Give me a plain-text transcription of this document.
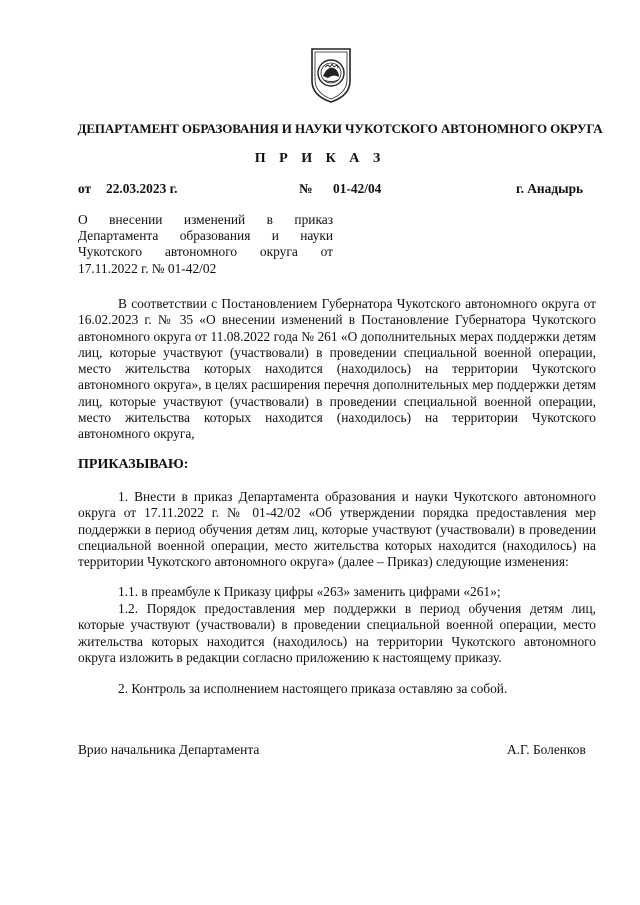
ДЕПАРТАМЕНТ ОБРАЗОВАНИЯ И НАУКИ ЧУКОТСКОГО АВТОНОМНОГО ОКРУГА
П Р И К А З
от 22.03.2023 г.	№ 01-42/04	г. Анадырь
О внесении изменений в приказ Департамента образования и науки Чукотского автономного округа от 17.11.2022 г. № 01-42/02
В соответствии с Постановлением Губернатора Чукотского автономного округа от 16.02.2023 г. № 35 «О внесении изменений в Постановление Губернатора Чукотского автономного округа от 11.08.2022 года № 261 «О дополнительных мерах поддержки детям лиц, которые участвуют (участвовали) в проведении специальной военной операции, место жительства которых находится (находилось) на территории Чукотского автономного округа», в целях расширения перечня дополнительных мер поддержки детям лиц, которые участвуют (участвовали) в проведении специальной военной операции, место жительства которых находится (находилось) на территории Чукотского автономного округа,
ПРИКАЗЫВАЮ:
1. Внести в приказ Департамента образования и науки Чукотского автономного округа от 17.11.2022 г. № 01-42/02 «Об утверждении порядка предоставления мер поддержки в период обучения детям лиц, которые участвуют (участвовали) в проведении специальной военной операции, место жительства которых находится (находилось) на территории Чукотского автономного округа» (далее – Приказ) следующие изменения:
1.1. в преамбуле к Приказу цифры «263» заменить цифрами «261»;
1.2. Порядок предоставления мер поддержки в период обучения детям лиц, которые участвуют (участвовали) в проведении специальной военной операции, место жительства которых находится (находилось) на территории Чукотского автономного округа изложить в редакции согласно приложению к настоящему приказу.
2. Контроль за исполнением настоящего приказа оставляю за собой.
Врио начальника Департамента	А.Г. Боленков
